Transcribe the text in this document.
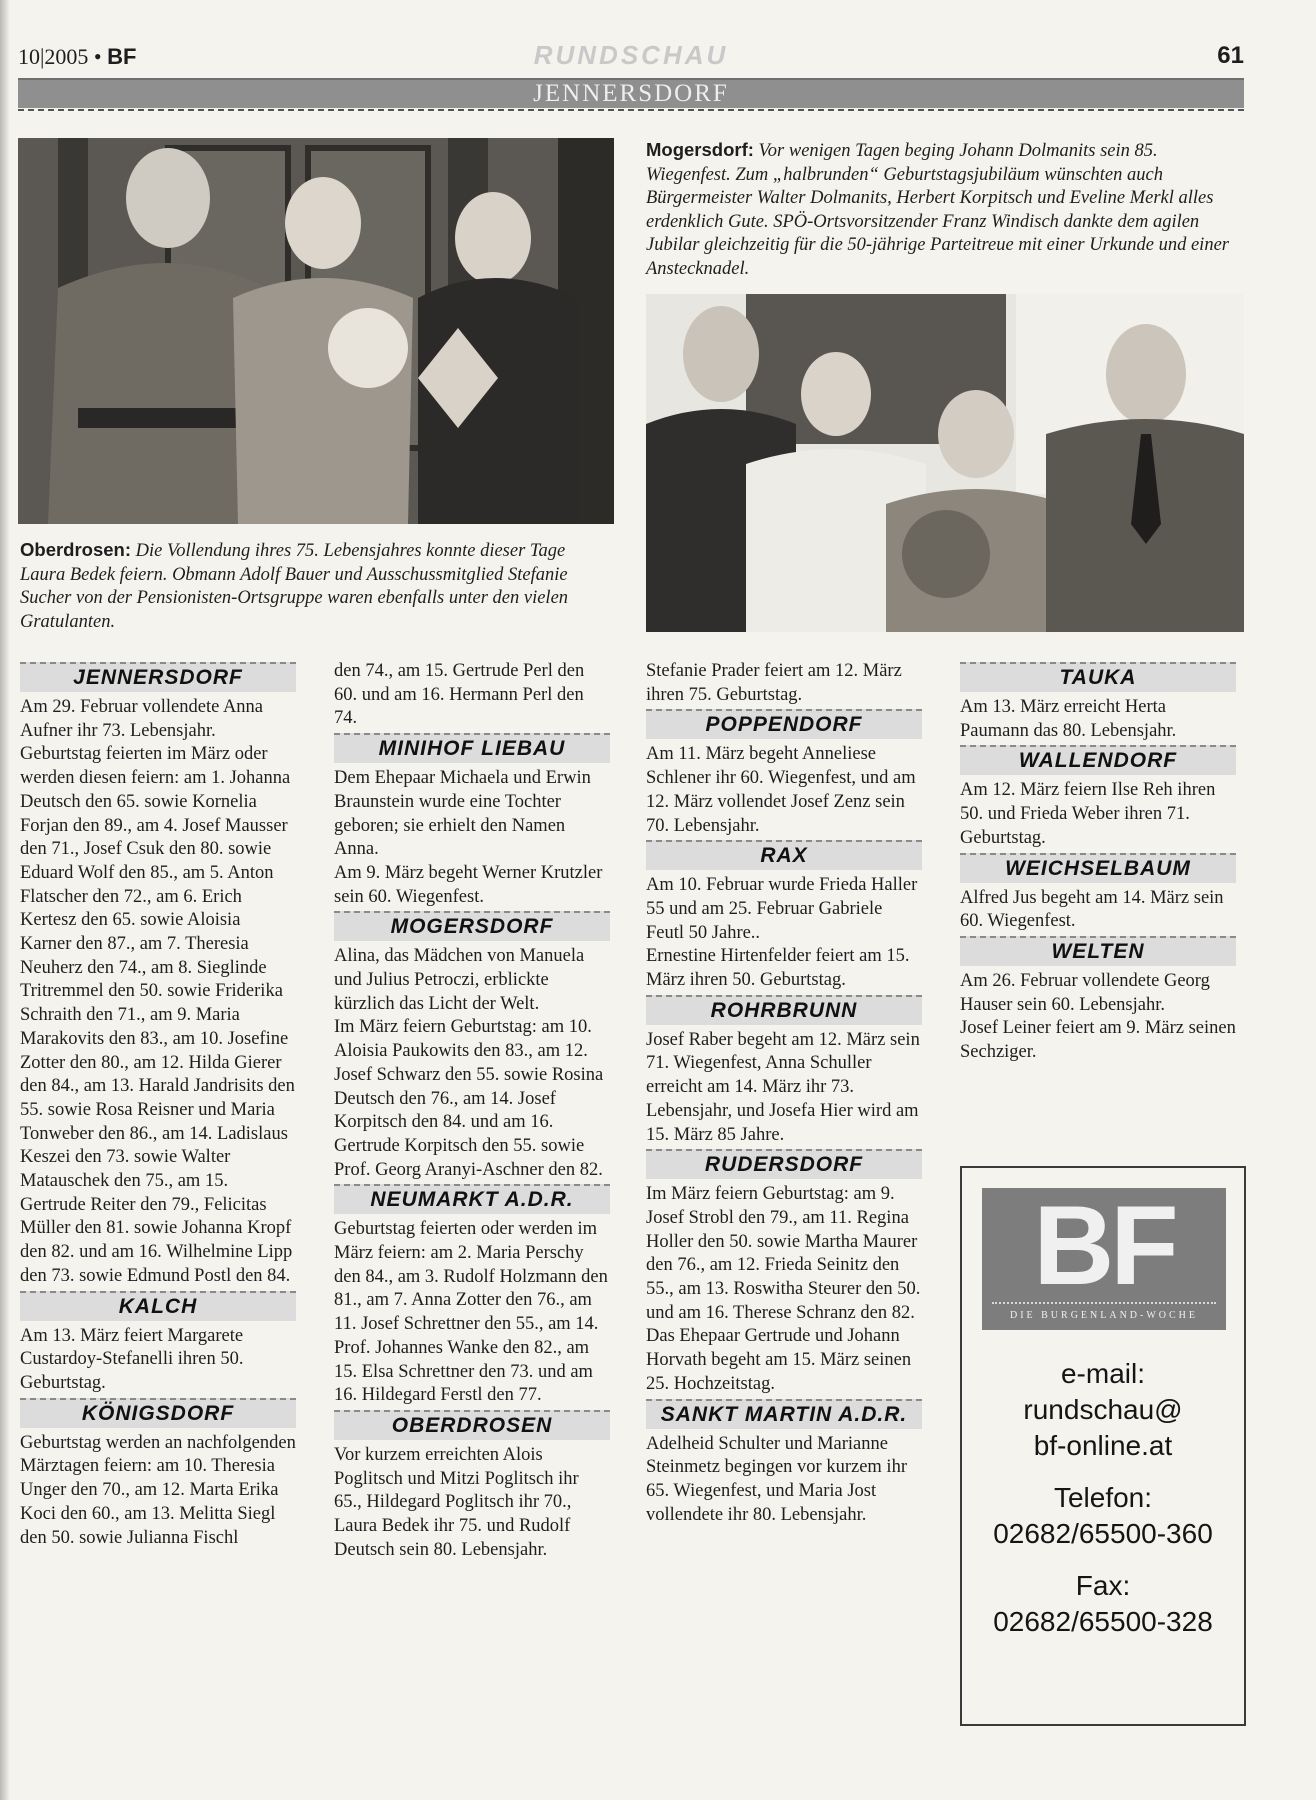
10|2005 • BF	RUNDSCHAU	61
JENNERSDORF
Oberdrosen: Die Vollendung ihres 75. Lebensjahres konnte dieser Tage Laura Bedek feiern. Obmann Adolf Bauer und Ausschussmitglied Stefanie Sucher von der Pensionisten-Ortsgruppe waren ebenfalls unter den vielen Gratulanten.
Mogersdorf: Vor wenigen Tagen beging Johann Dolmanits sein 85. Wiegenfest. Zum „halbrunden“ Geburtstagsjubiläum wünschten auch Bürgermeister Walter Dolmanits, Herbert Korpitsch und Eveline Merkl alles erdenklich Gute. SPÖ-Ortsvorsitzender Franz Windisch dankte dem agilen Jubilar gleichzeitig für die 50-jährige Parteitreue mit einer Urkunde und einer Anstecknadel.
JENNERSDORF

Am 29. Februar vollendete Anna Aufner ihr 73. Lebensjahr.

Geburtstag feierten im März oder werden diesen feiern: am 1. Johanna Deutsch den 65. sowie Kornelia Forjan den 89., am 4. Josef Mausser den 71., Josef Csuk den 80. sowie Eduard Wolf den 85., am 5. Anton Flatscher den 72., am 6. Erich Kertesz den 65. sowie Aloisia Karner den 87., am 7. Theresia Neuherz den 74., am 8. Sieglinde Tritremmel den 50. sowie Friderika Schraith den 71., am 9. Maria Marakovits den 83., am 10. Josefine Zotter den 80., am 12. Hilda Gierer den 84., am 13. Harald Jandrisits den 55. sowie Rosa Reisner und Maria Tonweber den 86., am 14. Ladislaus Keszei den 73. sowie Walter Matauschek den 75., am 15. Gertrude Reiter den 79., Felicitas Müller den 81. sowie Johanna Kropf den 82. und am 16. Wilhelmine Lipp den 73. sowie Edmund Postl den 84.

KALCH

Am 13. März feiert Margarete Custardoy-Stefanelli ihren 50. Geburtstag.

KÖNIGSDORF

Geburtstag werden an nachfolgenden Märztagen feiern: am 10. Theresia Unger den 70., am 12. Marta Erika Koci den 60., am 13. Melitta Siegl den 50. sowie Julianna Fischl

den 74., am 15. Gertrude Perl den 60. und am 16. Hermann Perl den 74.

MINIHOF LIEBAU

Dem Ehepaar Michaela und Erwin Braunstein wurde eine Tochter geboren; sie erhielt den Namen Anna.

Am 9. März begeht Werner Krutzler sein 60. Wiegenfest.

MOGERSDORF

Alina, das Mädchen von Manuela und Julius Petroczi, erblickte kürzlich das Licht der Welt.

Im März feiern Geburtstag: am 10. Aloisia Paukowits den 83., am 12. Josef Schwarz den 55. sowie Rosina Deutsch den 76., am 14. Josef Korpitsch den 84. und am 16. Gertrude Korpitsch den 55. sowie Prof. Georg Aranyi-Aschner den 82.

NEUMARKT A.D.R.

Geburtstag feierten oder werden im März feiern: am 2. Maria Perschy den 84., am 3. Rudolf Holzmann den 81., am 7. Anna Zotter den 76., am 11. Josef Schrettner den 55., am 14. Prof. Johannes Wanke den 82., am 15. Elsa Schrettner den 73. und am 16. Hildegard Ferstl den 77.

OBERDROSEN

Vor kurzem erreichten Alois Poglitsch und Mitzi Poglitsch ihr 65., Hildegard Poglitsch ihr 70., Laura Bedek ihr 75. und Rudolf Deutsch sein 80. Lebensjahr.

Stefanie Prader feiert am 12. März ihren 75. Geburtstag.

POPPENDORF

Am 11. März begeht Anneliese Schlener ihr 60. Wiegenfest, und am 12. März vollendet Josef Zenz sein 70. Lebensjahr.

RAX

Am 10. Februar wurde Frieda Haller 55 und am 25. Februar Gabriele Feutl 50 Jahre..

Ernestine Hirtenfelder feiert am 15. März ihren 50. Geburtstag.

ROHRBRUNN

Josef Raber begeht am 12. März sein 71. Wiegenfest, Anna Schuller erreicht am 14. März ihr 73. Lebensjahr, und Josefa Hier wird am 15. März 85 Jahre.

RUDERSDORF

Im März feiern Geburtstag: am 9. Josef Strobl den 79., am 11. Regina Holler den 50. sowie Martha Maurer den 76., am 12. Frieda Seinitz den 55., am 13. Roswitha Steurer den 50. und am 16. Therese Schranz den 82.

Das Ehepaar Gertrude und Johann Horvath begeht am 15. März seinen 25. Hochzeitstag.

SANKT MARTIN A.D.R.

Adelheid Schulter und Marianne Steinmetz begingen vor kurzem ihr 65. Wiegenfest, und Maria Jost vollendete ihr 80. Lebensjahr.

TAUKA

Am 13. März erreicht Herta Paumann das 80. Lebensjahr.

WALLENDORF

Am 12. März feiern Ilse Reh ihren 50. und Frieda Weber ihren 71. Geburtstag.

WEICHSELBAUM

Alfred Jus begeht am 14. März sein 60. Wiegenfest.

WELTEN

Am 26. Februar vollendete Georg Hauser sein 60. Lebensjahr.

Josef Leiner feiert am 9. März seinen Sechziger.

BF
DIE BURGENLAND-WOCHE
e-mail:
rundschau@
bf-online.at
Telefon:
02682/65500-360
Fax:
02682/65500-328
